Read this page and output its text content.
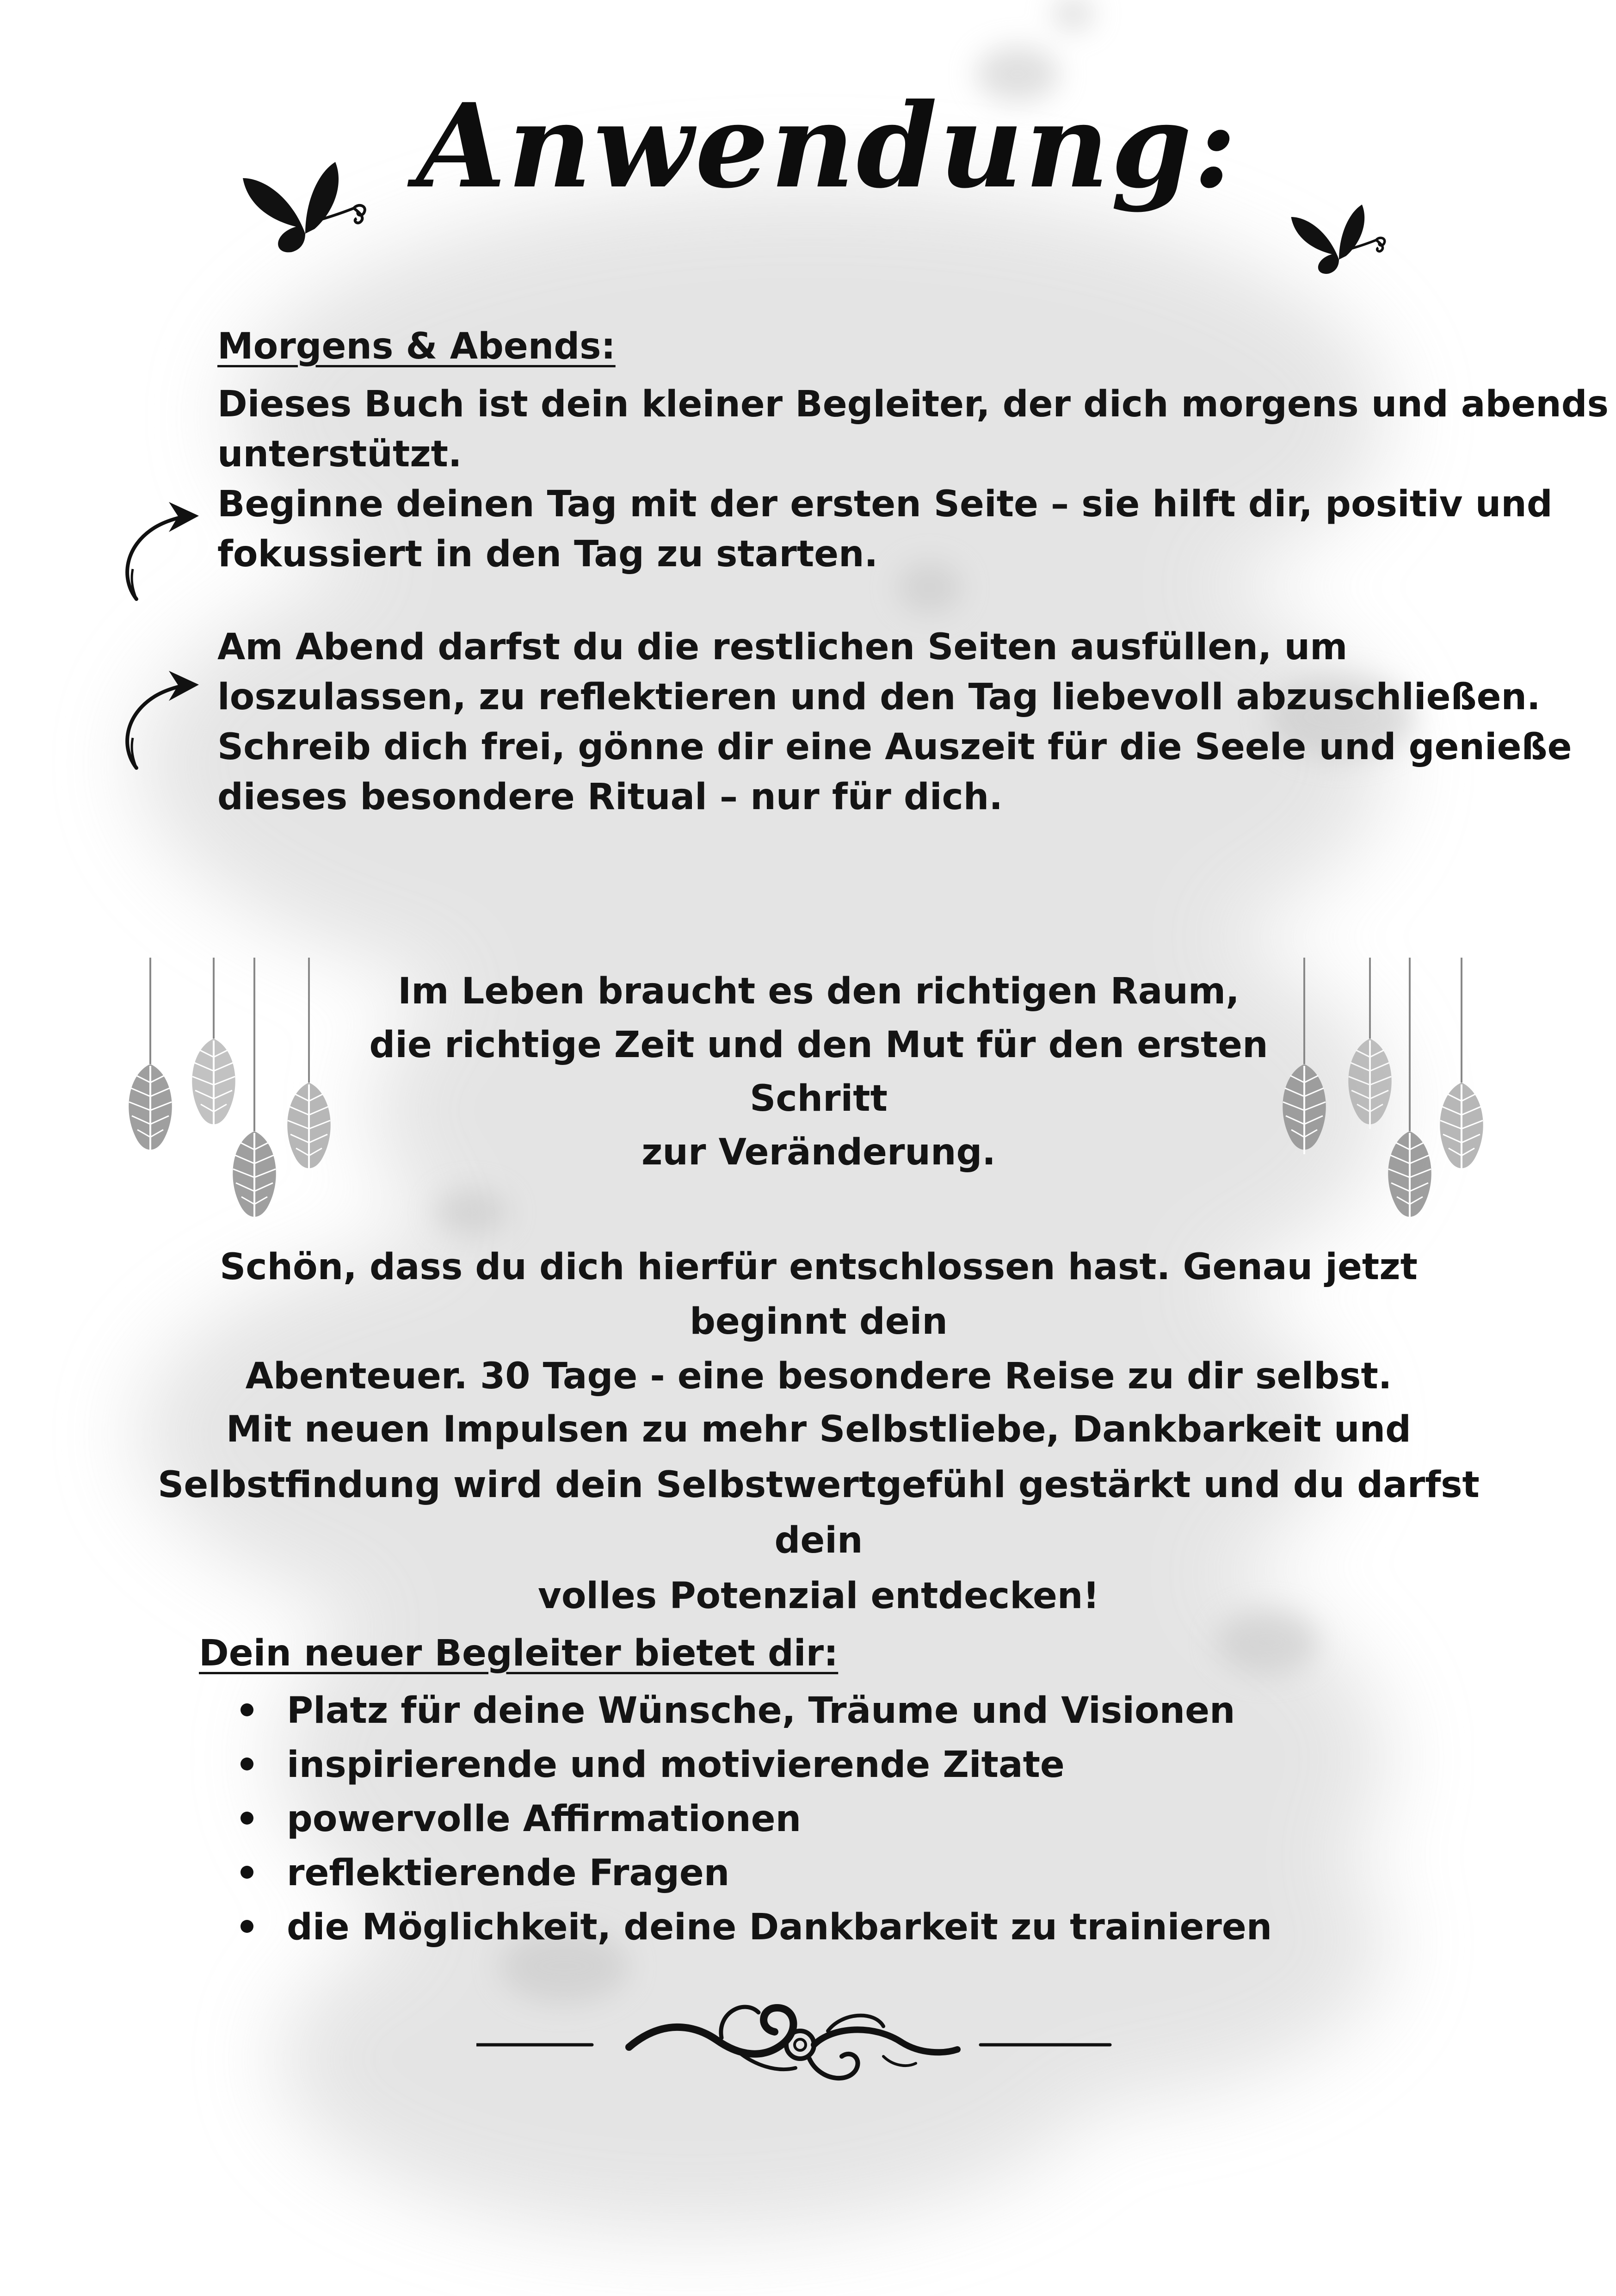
Anwendung:
Morgens & Abends:
Dieses Buch ist dein kleiner Begleiter, der dich morgens und abends
unterstützt.
Beginne deinen Tag mit der ersten Seite – sie hilft dir, positiv und
fokussiert in den Tag zu starten.
Am Abend darfst du die restlichen Seiten ausfüllen, um
loszulassen, zu reflektieren und den Tag liebevoll abzuschließen.
Schreib dich frei, gönne dir eine Auszeit für die Seele und genieße
dieses besondere Ritual – nur für dich.
Im Leben braucht es den richtigen Raum,
die richtige Zeit und den Mut für den ersten Schritt
zur Veränderung.
Schön, dass du dich hierfür entschlossen hast. Genau jetzt beginnt dein
Abenteuer. 30 Tage - eine besondere Reise zu dir selbst.
Mit neuen Impulsen zu mehr Selbstliebe, Dankbarkeit und
Selbstfindung wird dein Selbstwertgefühl gestärkt und du darfst dein
volles Potenzial entdecken!
Dein neuer Begleiter bietet dir:
Platz für deine Wünsche, Träume und Visionen
inspirierende und motivierende Zitate
powervolle Affirmationen
reflektierende Fragen
die Möglichkeit, deine Dankbarkeit zu trainieren
